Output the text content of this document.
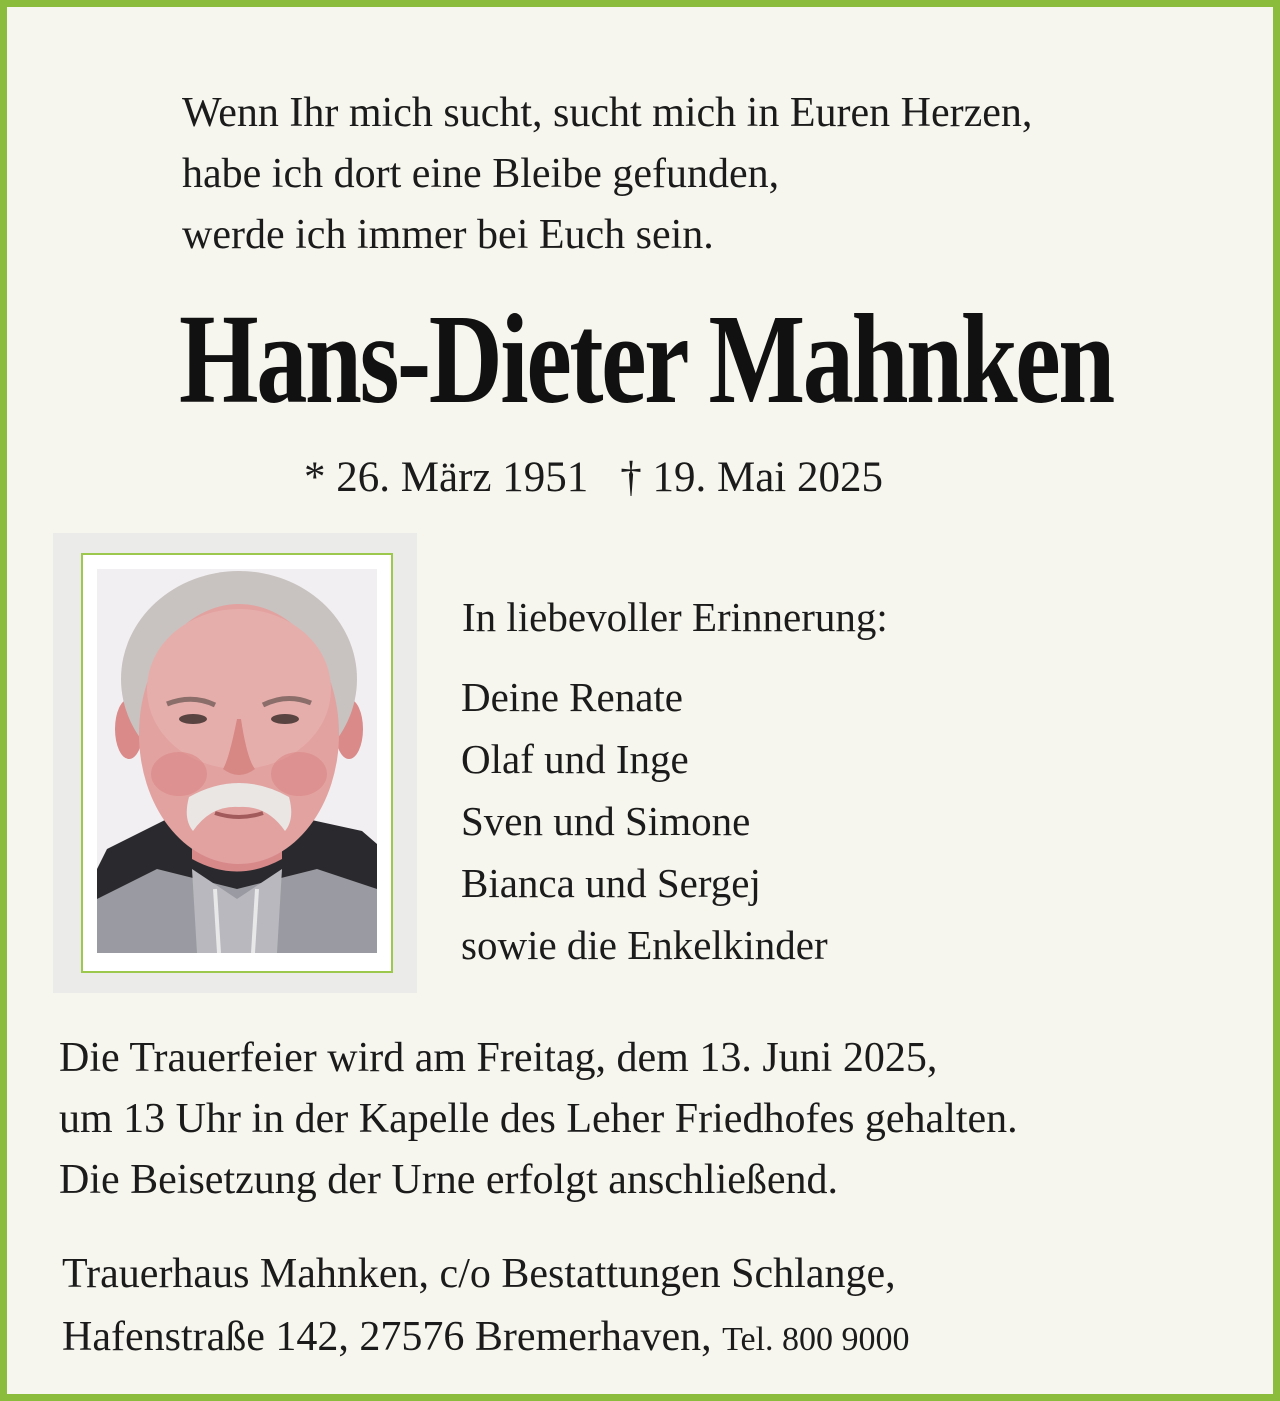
Wenn Ihr mich sucht, sucht mich in Euren Herzen,
habe ich dort eine Bleibe gefunden,
werde ich immer bei Euch sein.
Hans-Dieter Mahnken
* 26. März 1951 † 19. Mai 2025
In liebevoller Erinnerung:
Deine Renate
Olaf und Inge
Sven und Simone
Bianca und Sergej
sowie die Enkelkinder
Die Trauerfeier wird am Freitag, dem 13. Juni 2025,
um 13 Uhr in der Kapelle des Leher Friedhofes gehalten.
Die Beisetzung der Urne erfolgt anschließend.
Trauerhaus Mahnken, c/o Bestattungen Schlange,
Hafenstraße 142, 27576 Bremerhaven, Tel. 800 9000
